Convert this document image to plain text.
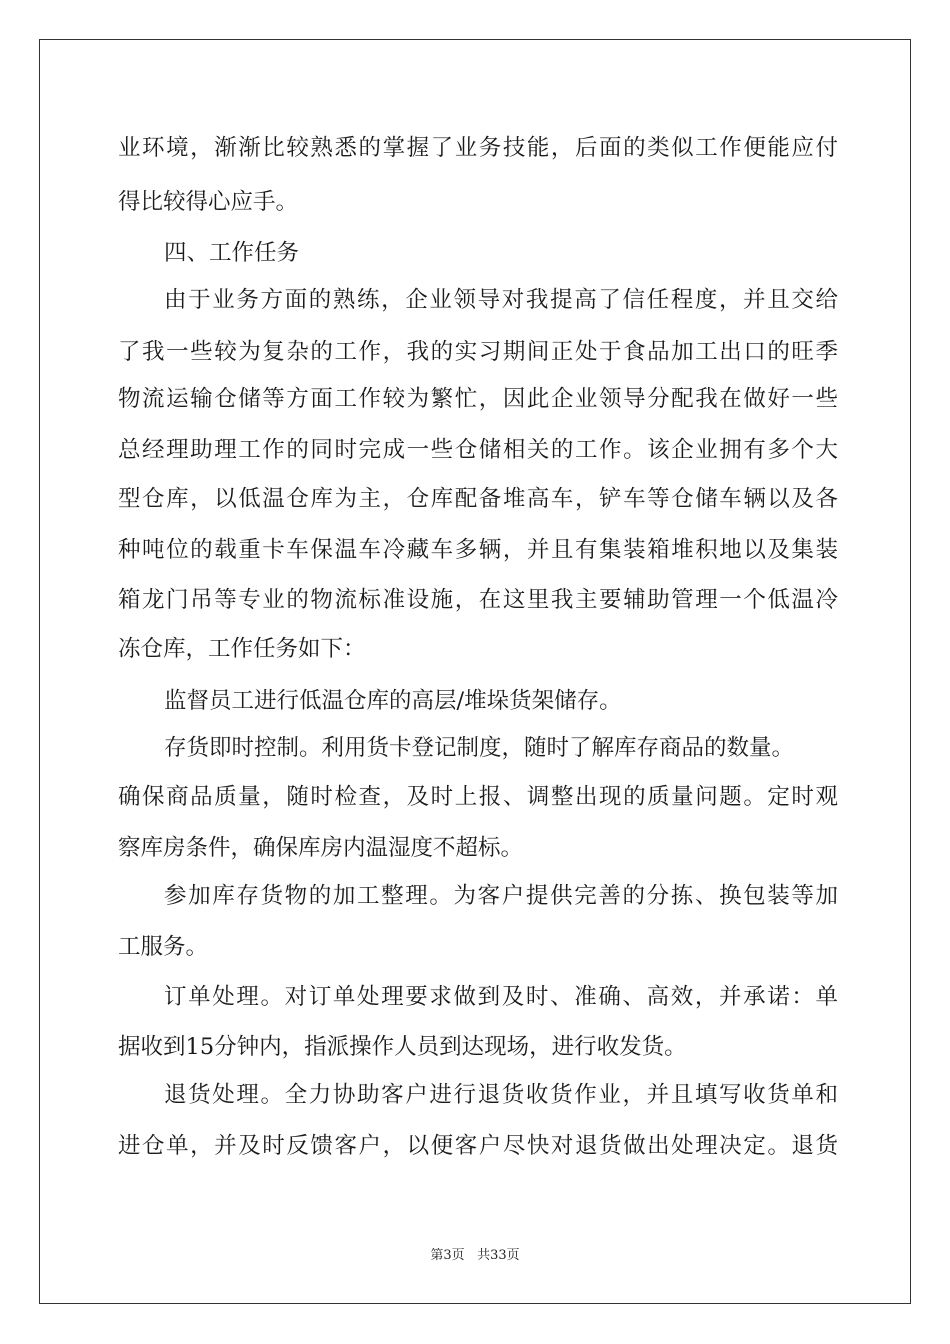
业环境，渐渐比较熟悉的掌握了业务技能，后面的类似工作便能应付
得比较得心应手。
四、工作任务
由于业务方面的熟练，企业领导对我提高了信任程度，并且交给
了我一些较为复杂的工作，我的实习期间正处于食品加工出口的旺季
物流运输仓储等方面工作较为繁忙，因此企业领导分配我在做好一些
总经理助理工作的同时完成一些仓储相关的工作。该企业拥有多个大
型仓库，以低温仓库为主，仓库配备堆高车，铲车等仓储车辆以及各
种吨位的载重卡车保温车冷藏车多辆，并且有集装箱堆积地以及集装
箱龙门吊等专业的物流标准设施，在这里我主要辅助管理一个低温冷
冻仓库，工作任务如下：
监督员工进行低温仓库的高层/堆垛货架储存。
存货即时控制。利用货卡登记制度，随时了解库存商品的数量。
确保商品质量，随时检查，及时上报、调整出现的质量问题。定时观
察库房条件，确保库房内温湿度不超标。
参加库存货物的加工整理。为客户提供完善的分拣、换包装等加
工服务。
订单处理。对订单处理要求做到及时、准确、高效，并承诺：单
据收到15分钟内，指派操作人员到达现场，进行收发货。
退货处理。全力协助客户进行退货收货作业，并且填写收货单和
进仓单，并及时反馈客户，以便客户尽快对退货做出处理决定。退货
第3页 共33页
